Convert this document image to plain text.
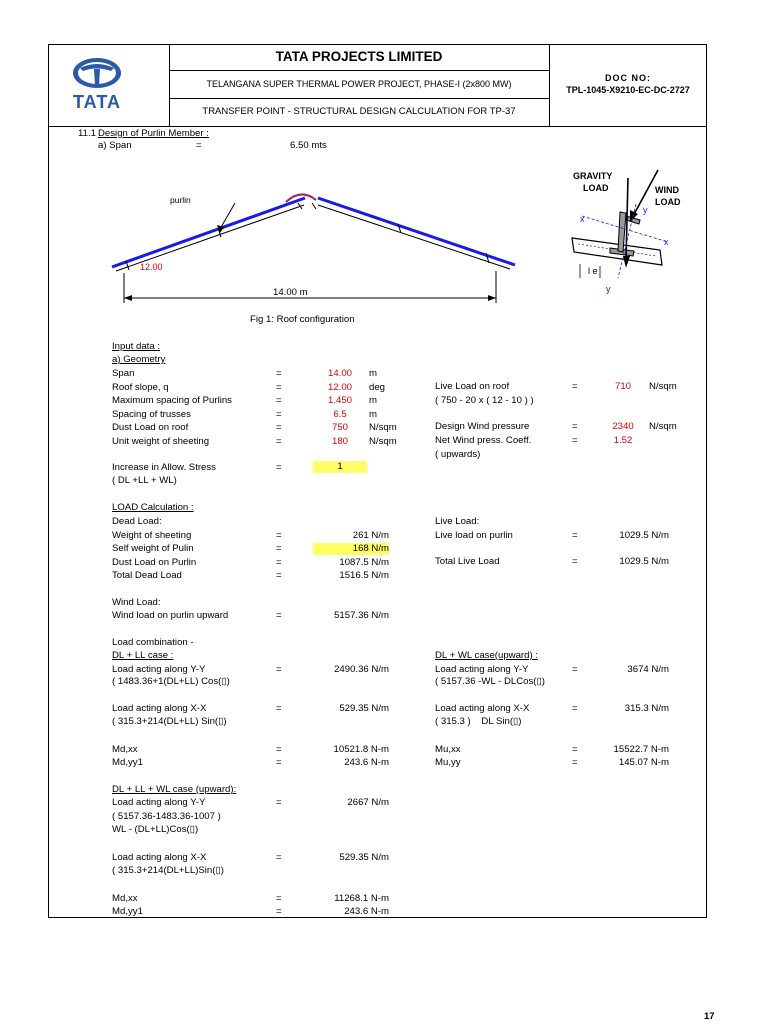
TATA
TATA PROJECTS LIMITED
TELANGANA SUPER THERMAL POWER PROJECT, PHASE-I (2x800 MW)
TRANSFER POINT - STRUCTURAL DESIGN CALCULATION FOR TP-37
DOC NO:
TPL-1045-X9210-EC-DC-2727
11.1 Design of Purlin Member :
a) Span	=	6.50 mts
purlin
12.00
14.00 m
Fig 1: Roof configuration
GRAVITY
LOAD	WIND
LOAD
x
x
y
y
l e
Input data :
a) Geometry
Span	=	14.00	m
Roof slope, q	=	12.00	deg
Maximum spacing of Purlins	=	1.450	m
Spacing of trusses	=	6.5	m
Dust Load on roof	=	750	N/sqm
Unit weight of sheeting	=	180	N/sqm
Live Load on roof	=	710	N/sqm
( 750 - 20 x ( 12 - 10 ) )
Design Wind pressure	=	2340	N/sqm
Net Wind press. Coeff.	=	1.52
( upwards)
Increase in Allow. Stress	=	1
( DL +LL + WL)
LOAD Calculation :
Dead Load:	Live Load:
Weight of sheeting	=	261 N/m
Self weight of Pulin	=	168 N/m
Dust Load on Purlin	=	1087.5 N/m
Total Dead Load	=	1516.5 N/m
Live load on purlin	=	1029.5 N/m
Total Live Load	=	1029.5 N/m
Wind Load:
Wind load on purlin upward	=	5157.36 N/m
Load combination -
DL + LL case :
Load acting along Y-Y	=	2490.36 N/m
( 1483.36+1(DL+LL) Cos(▯)
Load acting along X-X	=	529.35 N/m
( 315.3+214(DL+LL) Sin(▯)
Md,xx	=	10521.8 N-m
Md,yy1	=	243.6 N-m
DL + WL case(upward) :
Load acting along Y-Y	=	3674 N/m
( 5157.36 -WL - DLCos(▯)
Load acting along X-X	=	315.3 N/m
( 315.3 )    DL Sin(▯)
Mu,xx	=	15522.7 N-m
Mu,yy	=	145.07 N-m
DL + LL + WL case (upward):
Load acting along Y-Y	=	2667 N/m
( 5157.36-1483.36-1007 )
WL - (DL+LL)Cos(▯)
Load acting along X-X	=	529.35 N/m
( 315.3+214(DL+LL)Sin(▯)
Md,xx	=	11268.1 N-m
Md,yy1	=	243.6 N-m
17
